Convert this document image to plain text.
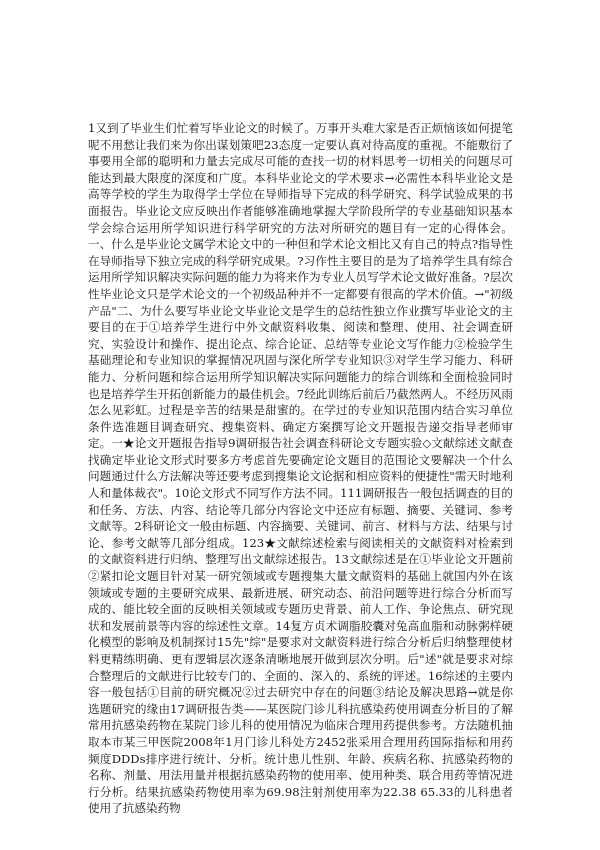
1又到了毕业生们忙着写毕业论文的时候了。万事开头难大家是否正烦恼该如何提笔呢不用愁让我们来为你出谋划策吧23态度一定要认真对待高度的重视。不能敷衍了事要用全部的聪明和力量去完成尽可能的查找一切的材料思考一切相关的问题尽可能达到最大限度的深度和广度。本科毕业论文的学术要求→必需性本科毕业论文是高等学校的学生为取得学士学位在导师指导下完成的科学研究、科学试验成果的书面报告。毕业论文应反映出作者能够准确地掌握大学阶段所学的专业基础知识基本学会综合运用所学知识进行科学研究的方法对所研究的题目有一定的心得体会。一、什么是毕业论文属学术论文中的一种但和学术论文相比又有自己的特点?指导性在导师指导下独立完成的科学研究成果。?习作性主要目的是为了培养学生具有综合运用所学知识解决实际问题的能力为将来作为专业人员写学术论文做好准备。?层次性毕业论文只是学术论文的一个初级品种并不一定都要有很高的学术价值。→"初级产品"二、为什么要写毕业论文毕业论文是学生的总结性独立作业撰写毕业论文的主要目的在于①培养学生进行中外文献资料收集、阅读和整理、使用、社会调查研究、实验设计和操作、提出论点、综合论证、总结等专业论文写作能力②检验学生基础理论和专业知识的掌握情况巩固与深化所学专业知识③对学生学习能力、科研能力、分析问题和综合运用所学知识解决实际问题能力的综合训练和全面检验同时也是培养学生开拓创新能力的最佳机会。7经此训练后前后乃截然两人。不经历风雨怎么见彩虹。过程是辛苦的结果是甜蜜的。在学过的专业知识范围内结合实习单位条件选准题目调查研究、搜集资料、确定方案撰写论文开题报告递交指导老师审定。一★论文开题报告指导9调研报告社会调查科研论文专题实验◇文献综述文献查找确定毕业论文形式时要多方考虑首先要确定论文题目的范围论文要解决一个什么问题通过什么方法解决等还要考虑到搜集论文论据和相应资料的便捷性"需天时地利人和量体裁衣"。10论文形式不同写作方法不同。111调研报告一般包括调查的目的和任务、方法、内容、结论等几部分内容论文中还应有标题、摘要、关键词、参考文献等。2科研论文一般由标题、内容摘要、关键词、前言、材料与方法、结果与讨论、参考文献等几部分组成。123★文献综述检索与阅读相关的文献资料对检索到的文献资料进行归纳、整理写出文献综述报告。13文献综述是在①毕业论文开题前②紧扣论文题目针对某一研究领域或专题搜集大量文献资料的基础上就国内外在该领域或专题的主要研究成果、最新进展、研究动态、前沿问题等进行综合分析而写成的、能比较全面的反映相关领域或专题历史背景、前人工作、争论焦点、研究现状和发展前景等内容的综述性文章。14复方贞术调脂胶囊对兔高血脂和动脉粥样硬化模型的影响及机制探讨15先"综"是要求对文献资料进行综合分析后归纳整理使材料更精练明确、更有逻辑层次逐条清晰地展开做到层次分明。后"述"就是要求对综合整理后的文献进行比较专门的、全面的、深入的、系统的评述。16综述的主要内容一般包括①目前的研究概况②过去研究中存在的问题③结论及解决思路→就是你选题研究的缘由17调研报告类——某医院门诊儿科抗感染药使用调查分析目的了解常用抗感染药物在某院门诊儿科的使用情况为临床合理用药提供参考。方法随机抽取本市某三甲医院2008年1月门诊儿科处方2452张采用合理用药国际指标和用药频度DDDs排序进行统计、分析。统计患儿性别、年龄、疾病名称、抗感染药物的名称、剂量、用法用量并根据抗感染药物的使用率、使用种类、联合用药等情况进行分析。结果抗感染药物使用率为69.98注射剂使用率为22.38 65.33的儿科患者使用了抗感染药物
